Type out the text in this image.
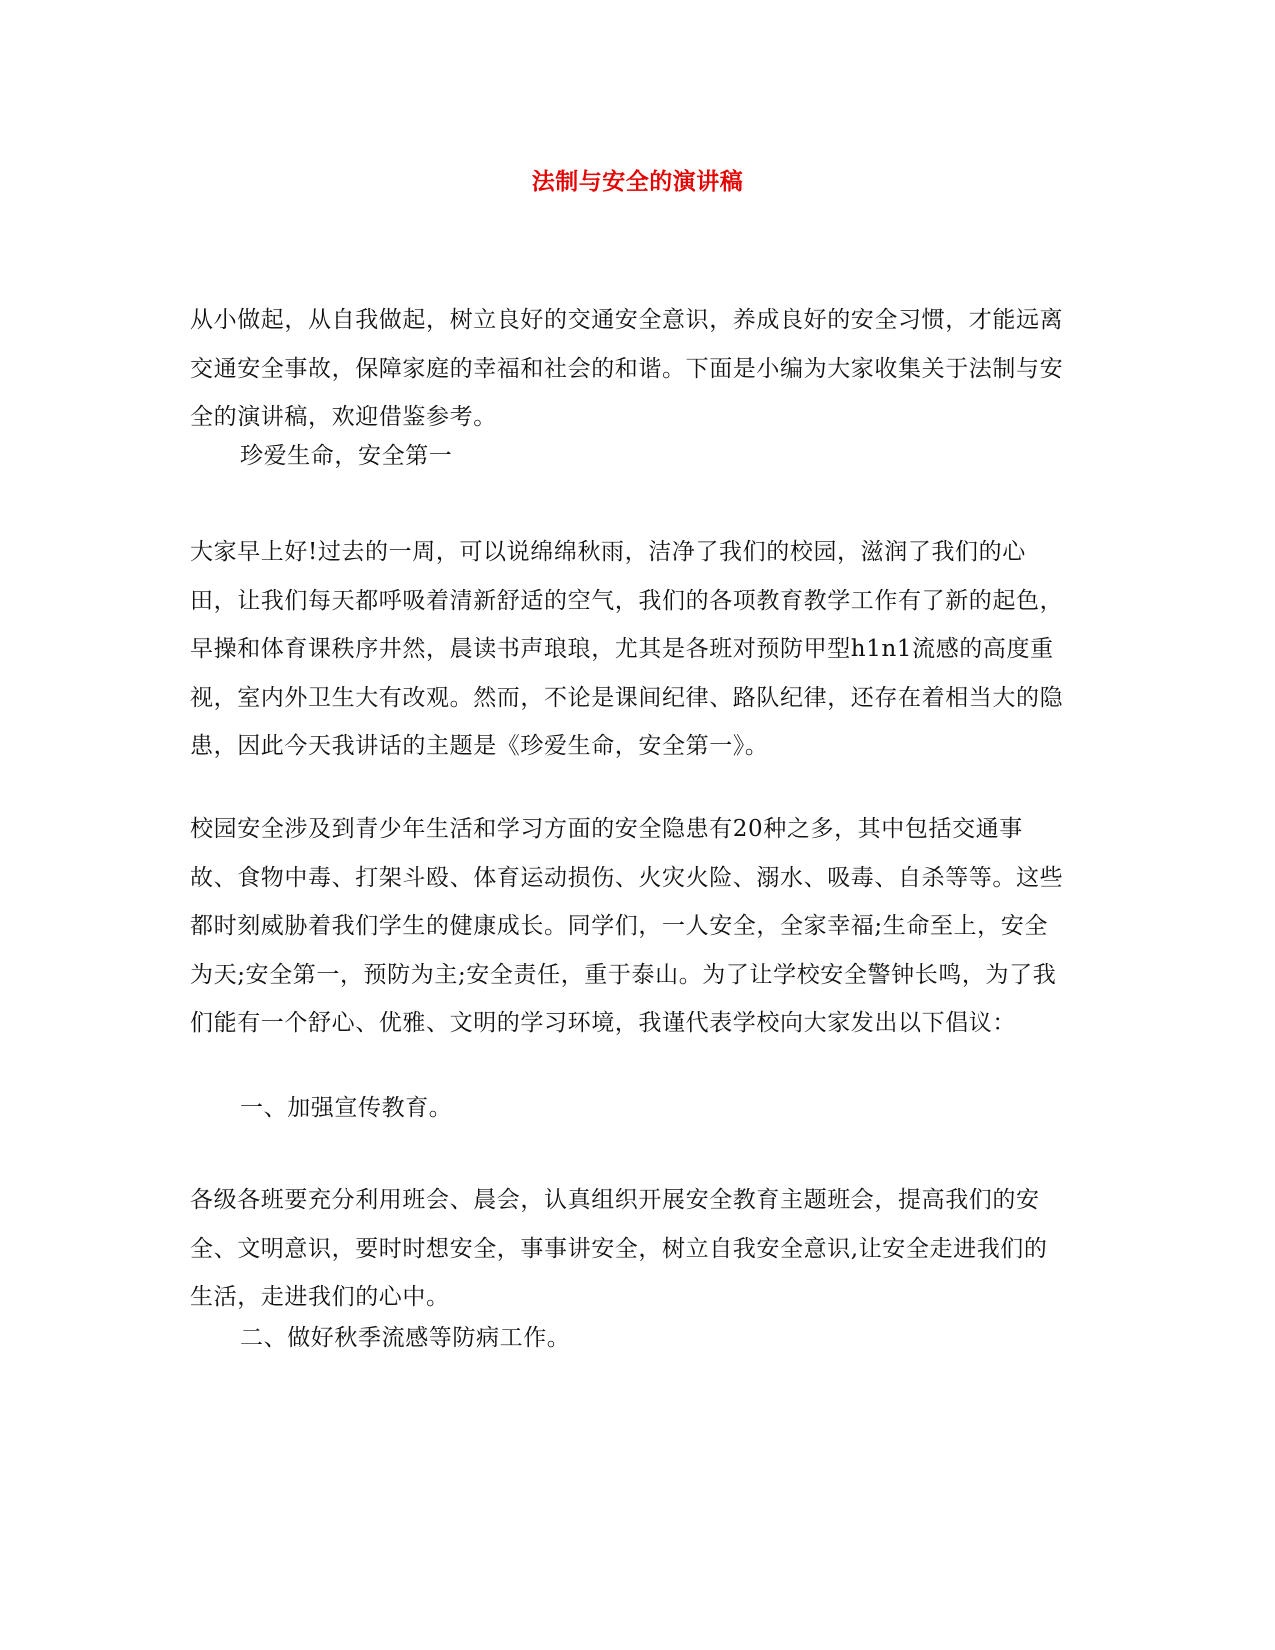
法制与安全的演讲稿

从小做起，从自我做起，树立良好的交通安全意识，养成良好的安全习惯，才能远离交通安全事故，保障家庭的幸福和社会的和谐。下面是小编为大家收集关于法制与安全的演讲稿，欢迎借鉴参考。

珍爱生命，安全第一

大家早上好!过去的一周，可以说绵绵秋雨，洁净了我们的校园，滋润了我们的心田，让我们每天都呼吸着清新舒适的空气，我们的各项教育教学工作有了新的起色，早操和体育课秩序井然，晨读书声琅琅，尤其是各班对预防甲型h1n1流感的高度重视，室内外卫生大有改观。然而，不论是课间纪律、路队纪律，还存在着相当大的隐患，因此今天我讲话的主题是《珍爱生命，安全第一》。

校园安全涉及到青少年生活和学习方面的安全隐患有20种之多，其中包括交通事故、食物中毒、打架斗殴、体育运动损伤、火灾火险、溺水、吸毒、自杀等等。这些都时刻威胁着我们学生的健康成长。同学们，一人安全，全家幸福;生命至上，安全为天;安全第一，预防为主;安全责任，重于泰山。为了让学校安全警钟长鸣，为了我们能有一个舒心、优雅、文明的学习环境，我谨代表学校向大家发出以下倡议：

一、加强宣传教育。

各级各班要充分利用班会、晨会，认真组织开展安全教育主题班会，提高我们的安全、文明意识，要时时想安全，事事讲安全，树立自我安全意识,让安全走进我们的生活，走进我们的心中。

二、做好秋季流感等防病工作。
